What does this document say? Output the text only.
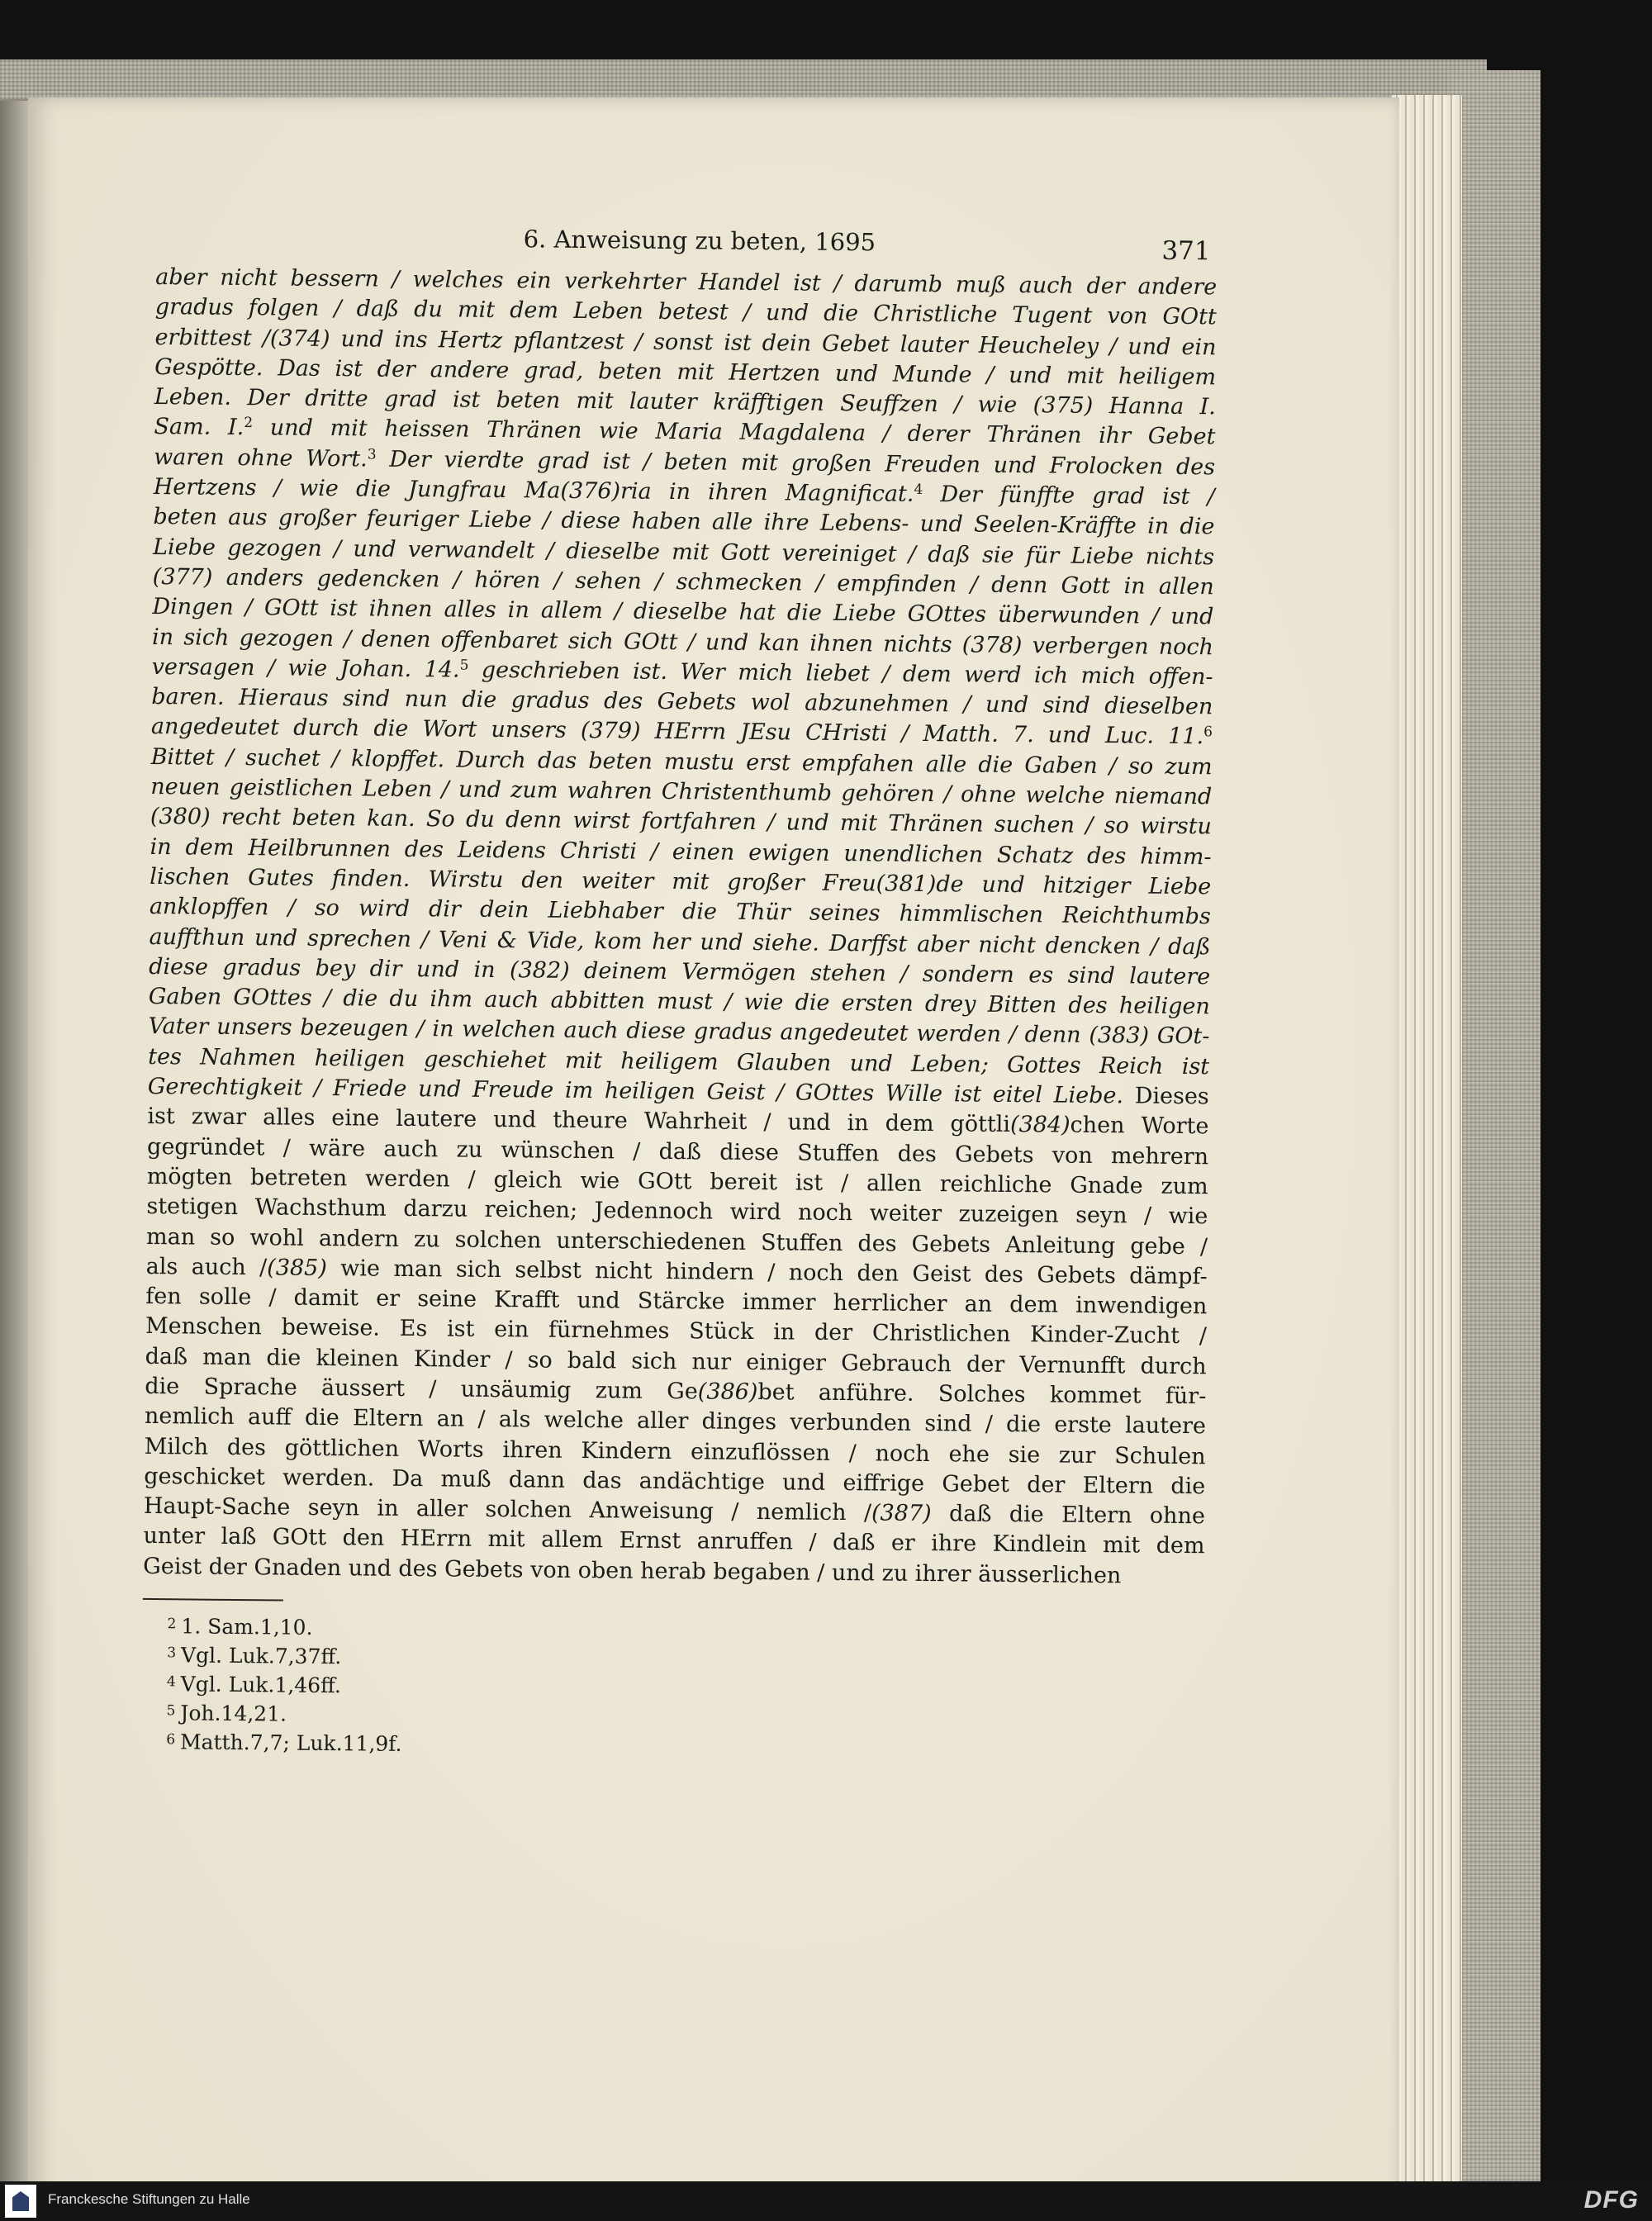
6. Anweisung zu beten, 1695	371
aber nicht bessern / welches ein verkehrter Handel ist / darumb muß auch der andere
gradus folgen / daß du mit dem Leben betest / und die Christliche Tugent von GOtt
erbittest /(374) und ins Hertz pflantzest / sonst ist dein Gebet lauter Heucheley / und ein
Gespötte. Das ist der andere grad, beten mit Hertzen und Munde / und mit heiligem
Leben. Der dritte grad ist beten mit lauter kräfftigen Seuffzen / wie (375) Hanna I.
Sam. I.$^2$ und mit heissen Thränen wie Maria Magdalena / derer Thränen ihr Gebet
waren ohne Wort.$^3$ Der vierdte grad ist / beten mit großen Freuden und Frolocken des
Hertzens / wie die Jungfrau Ma(376)ria in ihren Magnificat.$^4$ Der fünffte grad ist /
beten aus großer feuriger Liebe / diese haben alle ihre Lebens- und Seelen-Kräffte in die
Liebe gezogen / und verwandelt / dieselbe mit Gott vereiniget / daß sie für Liebe nichts
(377) anders gedencken / hören / sehen / schmecken / empfinden / denn Gott in allen
Dingen / GOtt ist ihnen alles in allem / dieselbe hat die Liebe GOttes überwunden / und
in sich gezogen / denen offenbaret sich GOtt / und kan ihnen nichts (378) verbergen noch
versagen / wie Johan. 14.$^5$ geschrieben ist. Wer mich liebet / dem werd ich mich offen-
baren. Hieraus sind nun die gradus des Gebets wol abzunehmen / und sind dieselben
angedeutet durch die Wort unsers (379) HErrn JEsu CHristi / Matth. 7. und Luc. 11.$^6$
Bittet / suchet / klopffet. Durch das beten mustu erst empfahen alle die Gaben / so zum
neuen geistlichen Leben / und zum wahren Christenthumb gehören / ohne welche niemand
(380) recht beten kan. So du denn wirst fortfahren / und mit Thränen suchen / so wirstu
in dem Heilbrunnen des Leidens Christi / einen ewigen unendlichen Schatz des himm-
lischen Gutes finden. Wirstu den weiter mit großer Freu(381)de und hitziger Liebe
anklopffen / so wird dir dein Liebhaber die Thür seines himmlischen Reichthumbs
auffthun und sprechen / Veni & Vide, kom her und siehe. Darffst aber nicht dencken / daß
diese gradus bey dir und in (382) deinem Vermögen stehen / sondern es sind lautere
Gaben GOttes / die du ihm auch abbitten must / wie die ersten drey Bitten des heiligen
Vater unsers bezeugen / in welchen auch diese gradus angedeutet werden / denn (383) GOt-
tes Nahmen heiligen geschiehet mit heiligem Glauben und Leben; Gottes Reich ist
Gerechtigkeit / Friede und Freude im heiligen Geist / GOttes Wille ist eitel Liebe. Dieses
ist zwar alles eine lautere und theure Wahrheit / und in dem göttli(384)chen Worte
gegründet / wäre auch zu wünschen / daß diese Stuffen des Gebets von mehrern
mögten betreten werden / gleich wie GOtt bereit ist / allen reichliche Gnade zum
stetigen Wachsthum darzu reichen; Jedennoch wird noch weiter zuzeigen seyn / wie
man so wohl andern zu solchen unterschiedenen Stuffen des Gebets Anleitung gebe /
als auch /(385) wie man sich selbst nicht hindern / noch den Geist des Gebets dämpf-
fen solle / damit er seine Krafft und Stärcke immer herrlicher an dem inwendigen
Menschen beweise. Es ist ein fürnehmes Stück in der Christlichen Kinder-Zucht /
daß man die kleinen Kinder / so bald sich nur einiger Gebrauch der Vernunfft durch
die Sprache äussert / unsäumig zum Ge(386)bet anführe. Solches kommet für-
nemlich auff die Eltern an / als welche aller dinges verbunden sind / die erste lautere
Milch des göttlichen Worts ihren Kindern einzuflössen / noch ehe sie zur Schulen
geschicket werden. Da muß dann das andächtige und eiffrige Gebet der Eltern die
Haupt-Sache seyn in aller solchen Anweisung / nemlich /(387) daß die Eltern ohne
unter laß GOtt den HErrn mit allem Ernst anruffen / daß er ihre Kindlein mit dem
Geist der Gnaden und des Gebets von oben herab begaben / und zu ihrer äusserlichen
$^2$ 1. Sam.1,10.
$^3$ Vgl. Luk.7,37ff.
$^4$ Vgl. Luk.1,46ff.
$^5$ Joh.14,21.
$^6$ Matth.7,7; Luk.11,9f.
Franckesche Stiftungen zu Halle	DFG
